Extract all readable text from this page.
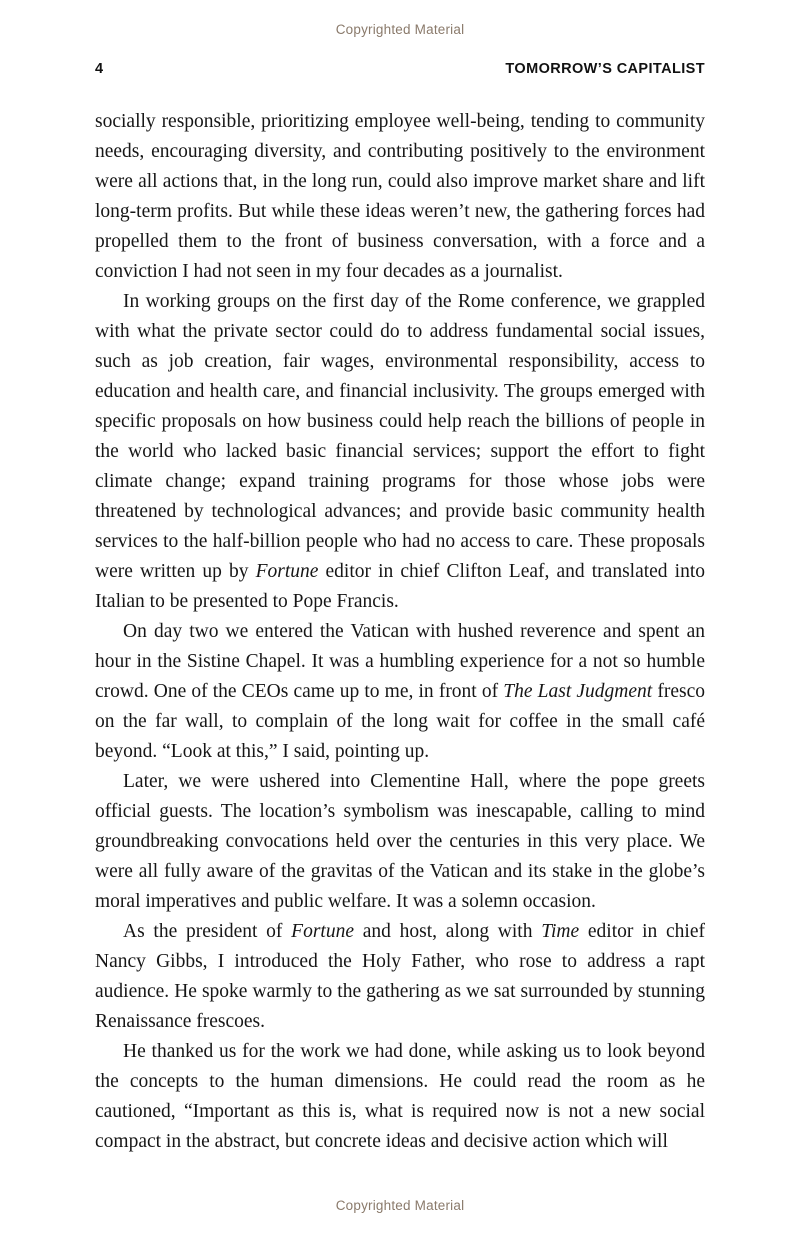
Copyrighted Material
4	TOMORROW’S CAPITALIST

socially responsible, prioritizing employee well-being, tending to community needs, encouraging diversity, and contributing positively to the environment were all actions that, in the long run, could also improve market share and lift long-term profits. But while these ideas weren’t new, the gathering forces had propelled them to the front of business conversation, with a force and a conviction I had not seen in my four decades as a journalist.

In working groups on the first day of the Rome conference, we grappled with what the private sector could do to address fundamental social issues, such as job creation, fair wages, environmental responsibility, access to education and health care, and financial inclusivity. The groups emerged with specific proposals on how business could help reach the billions of people in the world who lacked basic financial services; support the effort to fight climate change; expand training programs for those whose jobs were threatened by technological advances; and provide basic community health services to the half-billion people who had no access to care. These proposals were written up by Fortune editor in chief Clifton Leaf, and translated into Italian to be presented to Pope Francis.

On day two we entered the Vatican with hushed reverence and spent an hour in the Sistine Chapel. It was a humbling experience for a not so humble crowd. One of the CEOs came up to me, in front of The Last Judgment fresco on the far wall, to complain of the long wait for coffee in the small café beyond. “Look at this,” I said, pointing up.

Later, we were ushered into Clementine Hall, where the pope greets official guests. The location’s symbolism was inescapable, calling to mind groundbreaking convocations held over the centuries in this very place. We were all fully aware of the gravitas of the Vatican and its stake in the globe’s moral imperatives and public welfare. It was a solemn occasion.

As the president of Fortune and host, along with Time editor in chief Nancy Gibbs, I introduced the Holy Father, who rose to address a rapt audience. He spoke warmly to the gathering as we sat surrounded by stunning Renaissance frescoes.

He thanked us for the work we had done, while asking us to look beyond the concepts to the human dimensions. He could read the room as he cautioned, “Important as this is, what is required now is not a new social compact in the abstract, but concrete ideas and decisive action which will

Copyrighted Material
